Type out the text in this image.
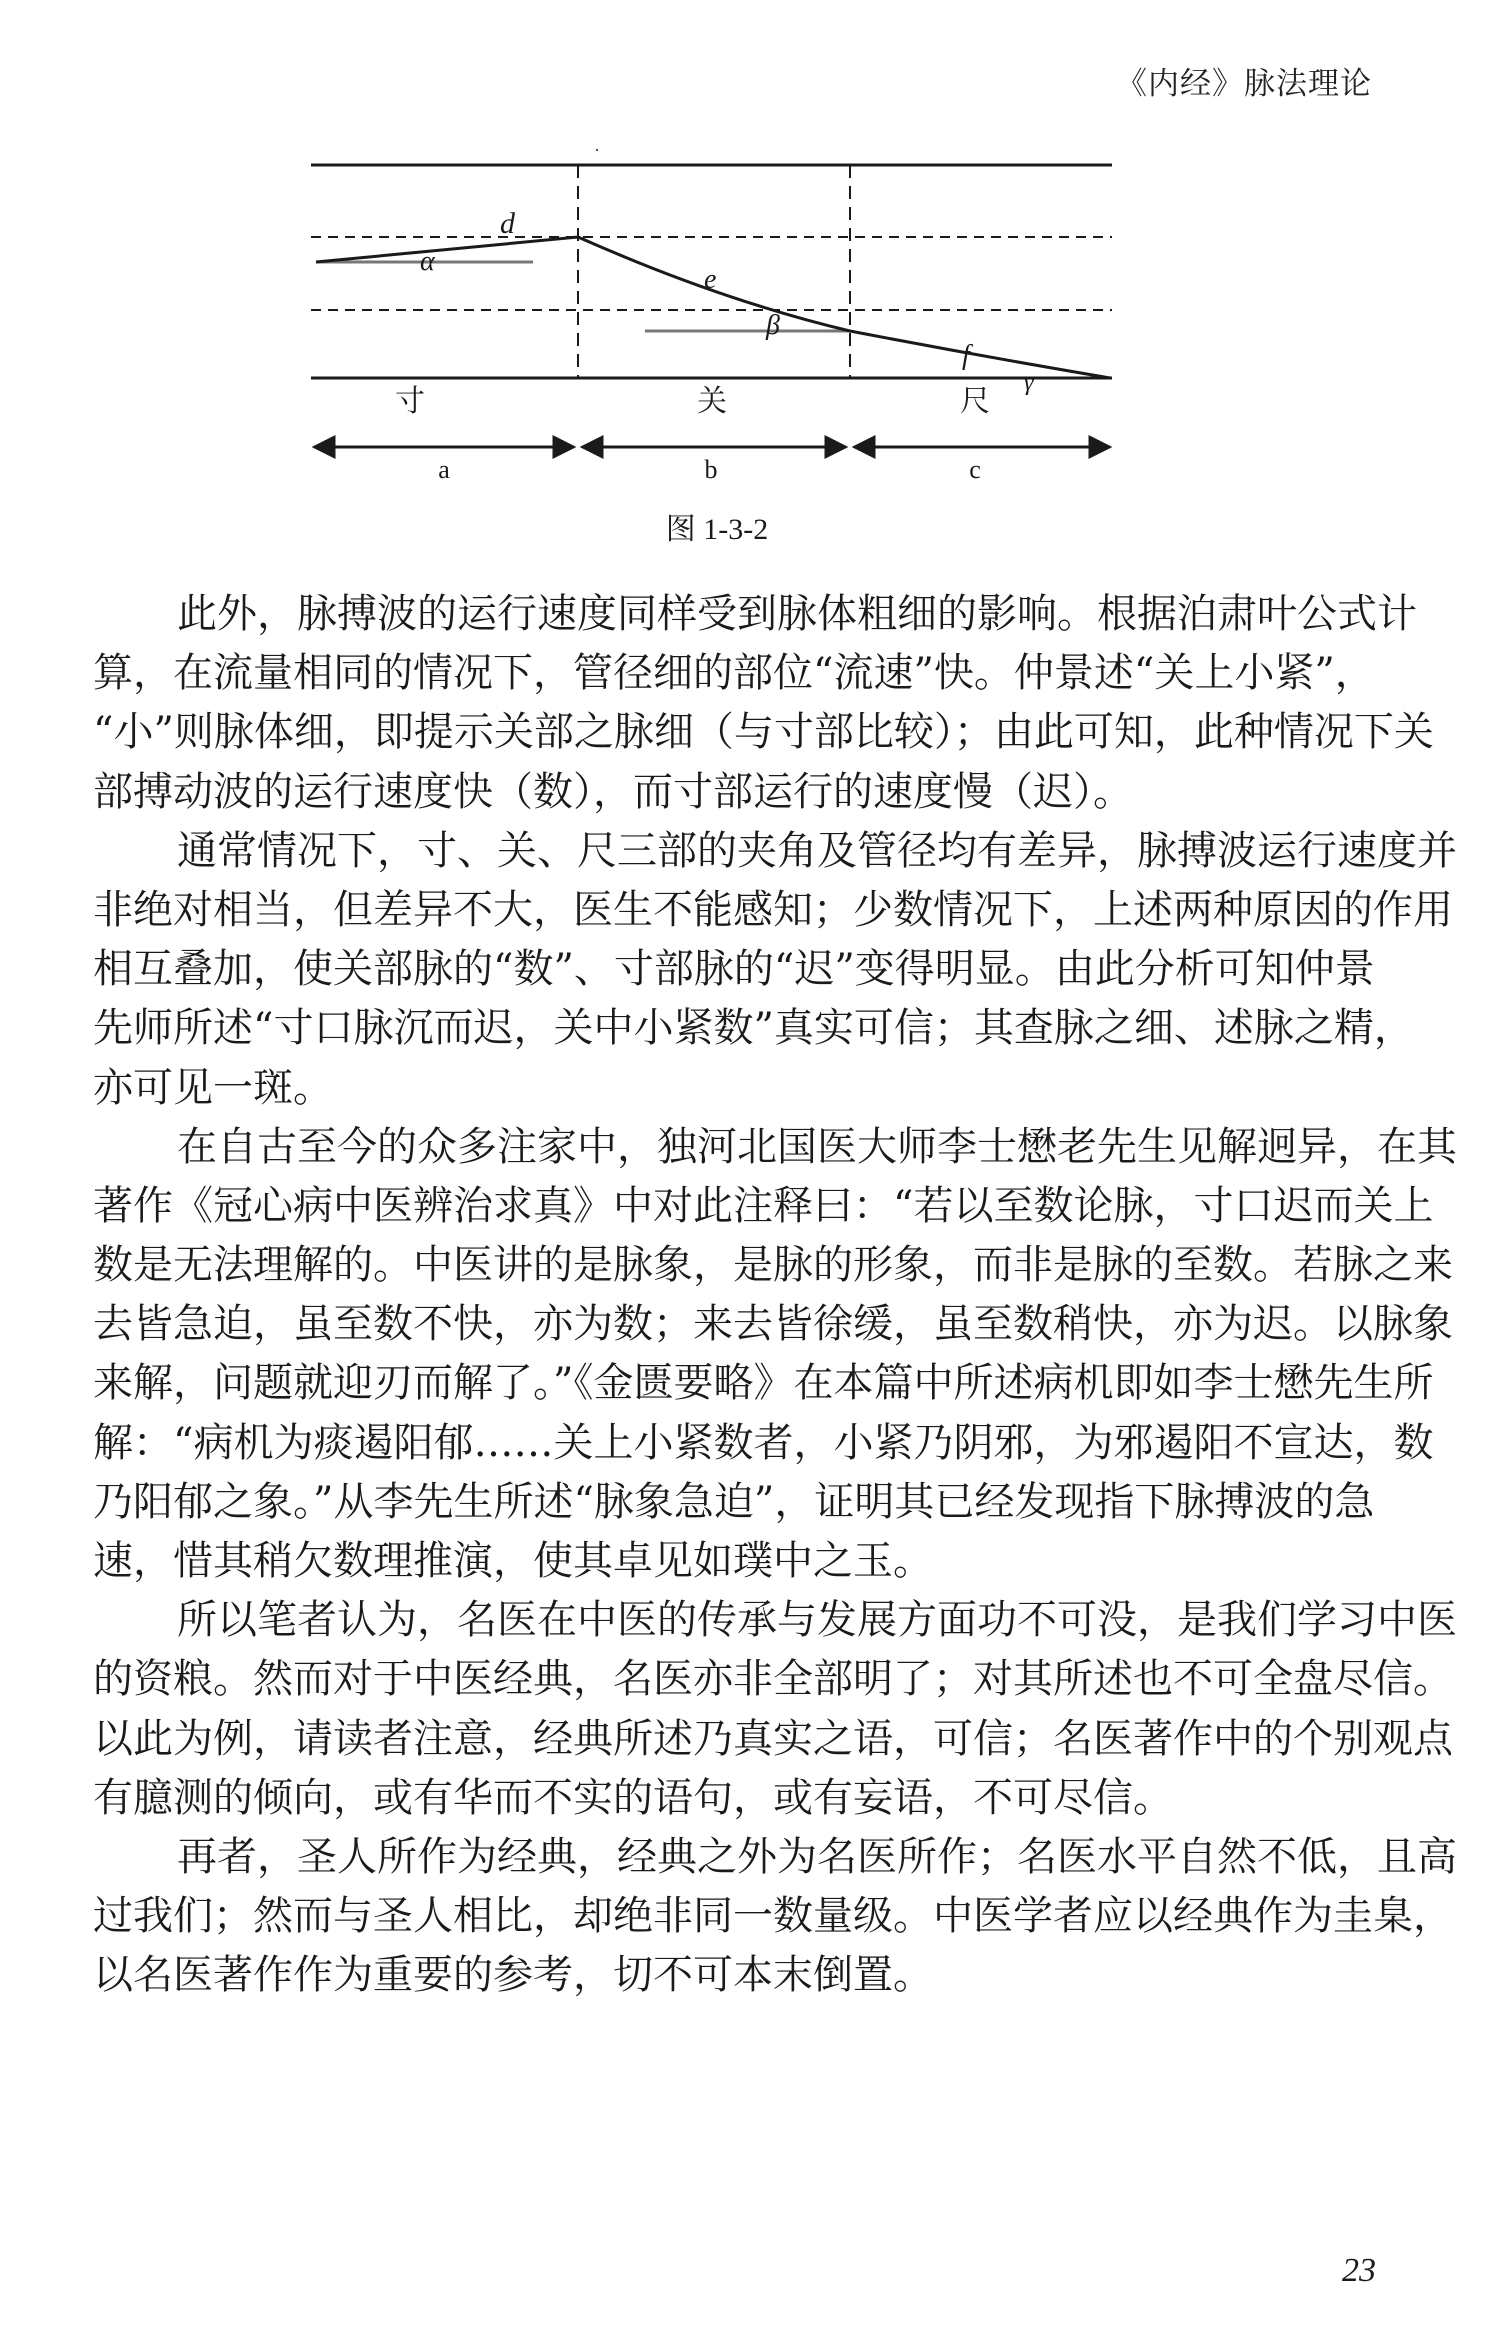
《内经》脉法理论
d
α
e
β
f
γ
寸	关	尺
a	b	c
图 1-3-2
此外，脉搏波的运行速度同样受到脉体粗细的影响。根据泊肃叶公式计
算，在流量相同的情况下，管径细的部位“流速”快。仲景述“关上小紧”，
“小”则脉体细，即提示关部之脉细（与寸部比较）；由此可知，此种情况下关
部搏动波的运行速度快（数），而寸部运行的速度慢（迟）。
通常情况下，寸、关、尺三部的夹角及管径均有差异，脉搏波运行速度并
非绝对相当，但差异不大，医生不能感知；少数情况下，上述两种原因的作用
相互叠加，使关部脉的“数”、寸部脉的“迟”变得明显。由此分析可知仲景
先师所述“寸口脉沉而迟，关中小紧数”真实可信；其查脉之细、述脉之精，
亦可见一斑。
在自古至今的众多注家中，独河北国医大师李士懋老先生见解迥异，在其
著作《冠心病中医辨治求真》中对此注释曰：“若以至数论脉，寸口迟而关上
数是无法理解的。中医讲的是脉象，是脉的形象，而非是脉的至数。若脉之来
去皆急迫，虽至数不快，亦为数；来去皆徐缓，虽至数稍快，亦为迟。以脉象
来解，问题就迎刃而解了。”《金匮要略》在本篇中所述病机即如李士懋先生所
解：“病机为痰遏阳郁……关上小紧数者，小紧乃阴邪，为邪遏阳不宣达，数
乃阳郁之象。”从李先生所述“脉象急迫”，证明其已经发现指下脉搏波的急
速，惜其稍欠数理推演，使其卓见如璞中之玉。
所以笔者认为，名医在中医的传承与发展方面功不可没，是我们学习中医
的资粮。然而对于中医经典，名医亦非全部明了；对其所述也不可全盘尽信。
以此为例，请读者注意，经典所述乃真实之语，可信；名医著作中的个别观点
有臆测的倾向，或有华而不实的语句，或有妄语，不可尽信。
再者，圣人所作为经典，经典之外为名医所作；名医水平自然不低，且高
过我们；然而与圣人相比，却绝非同一数量级。中医学者应以经典作为圭臬，
以名医著作作为重要的参考，切不可本末倒置。
23
